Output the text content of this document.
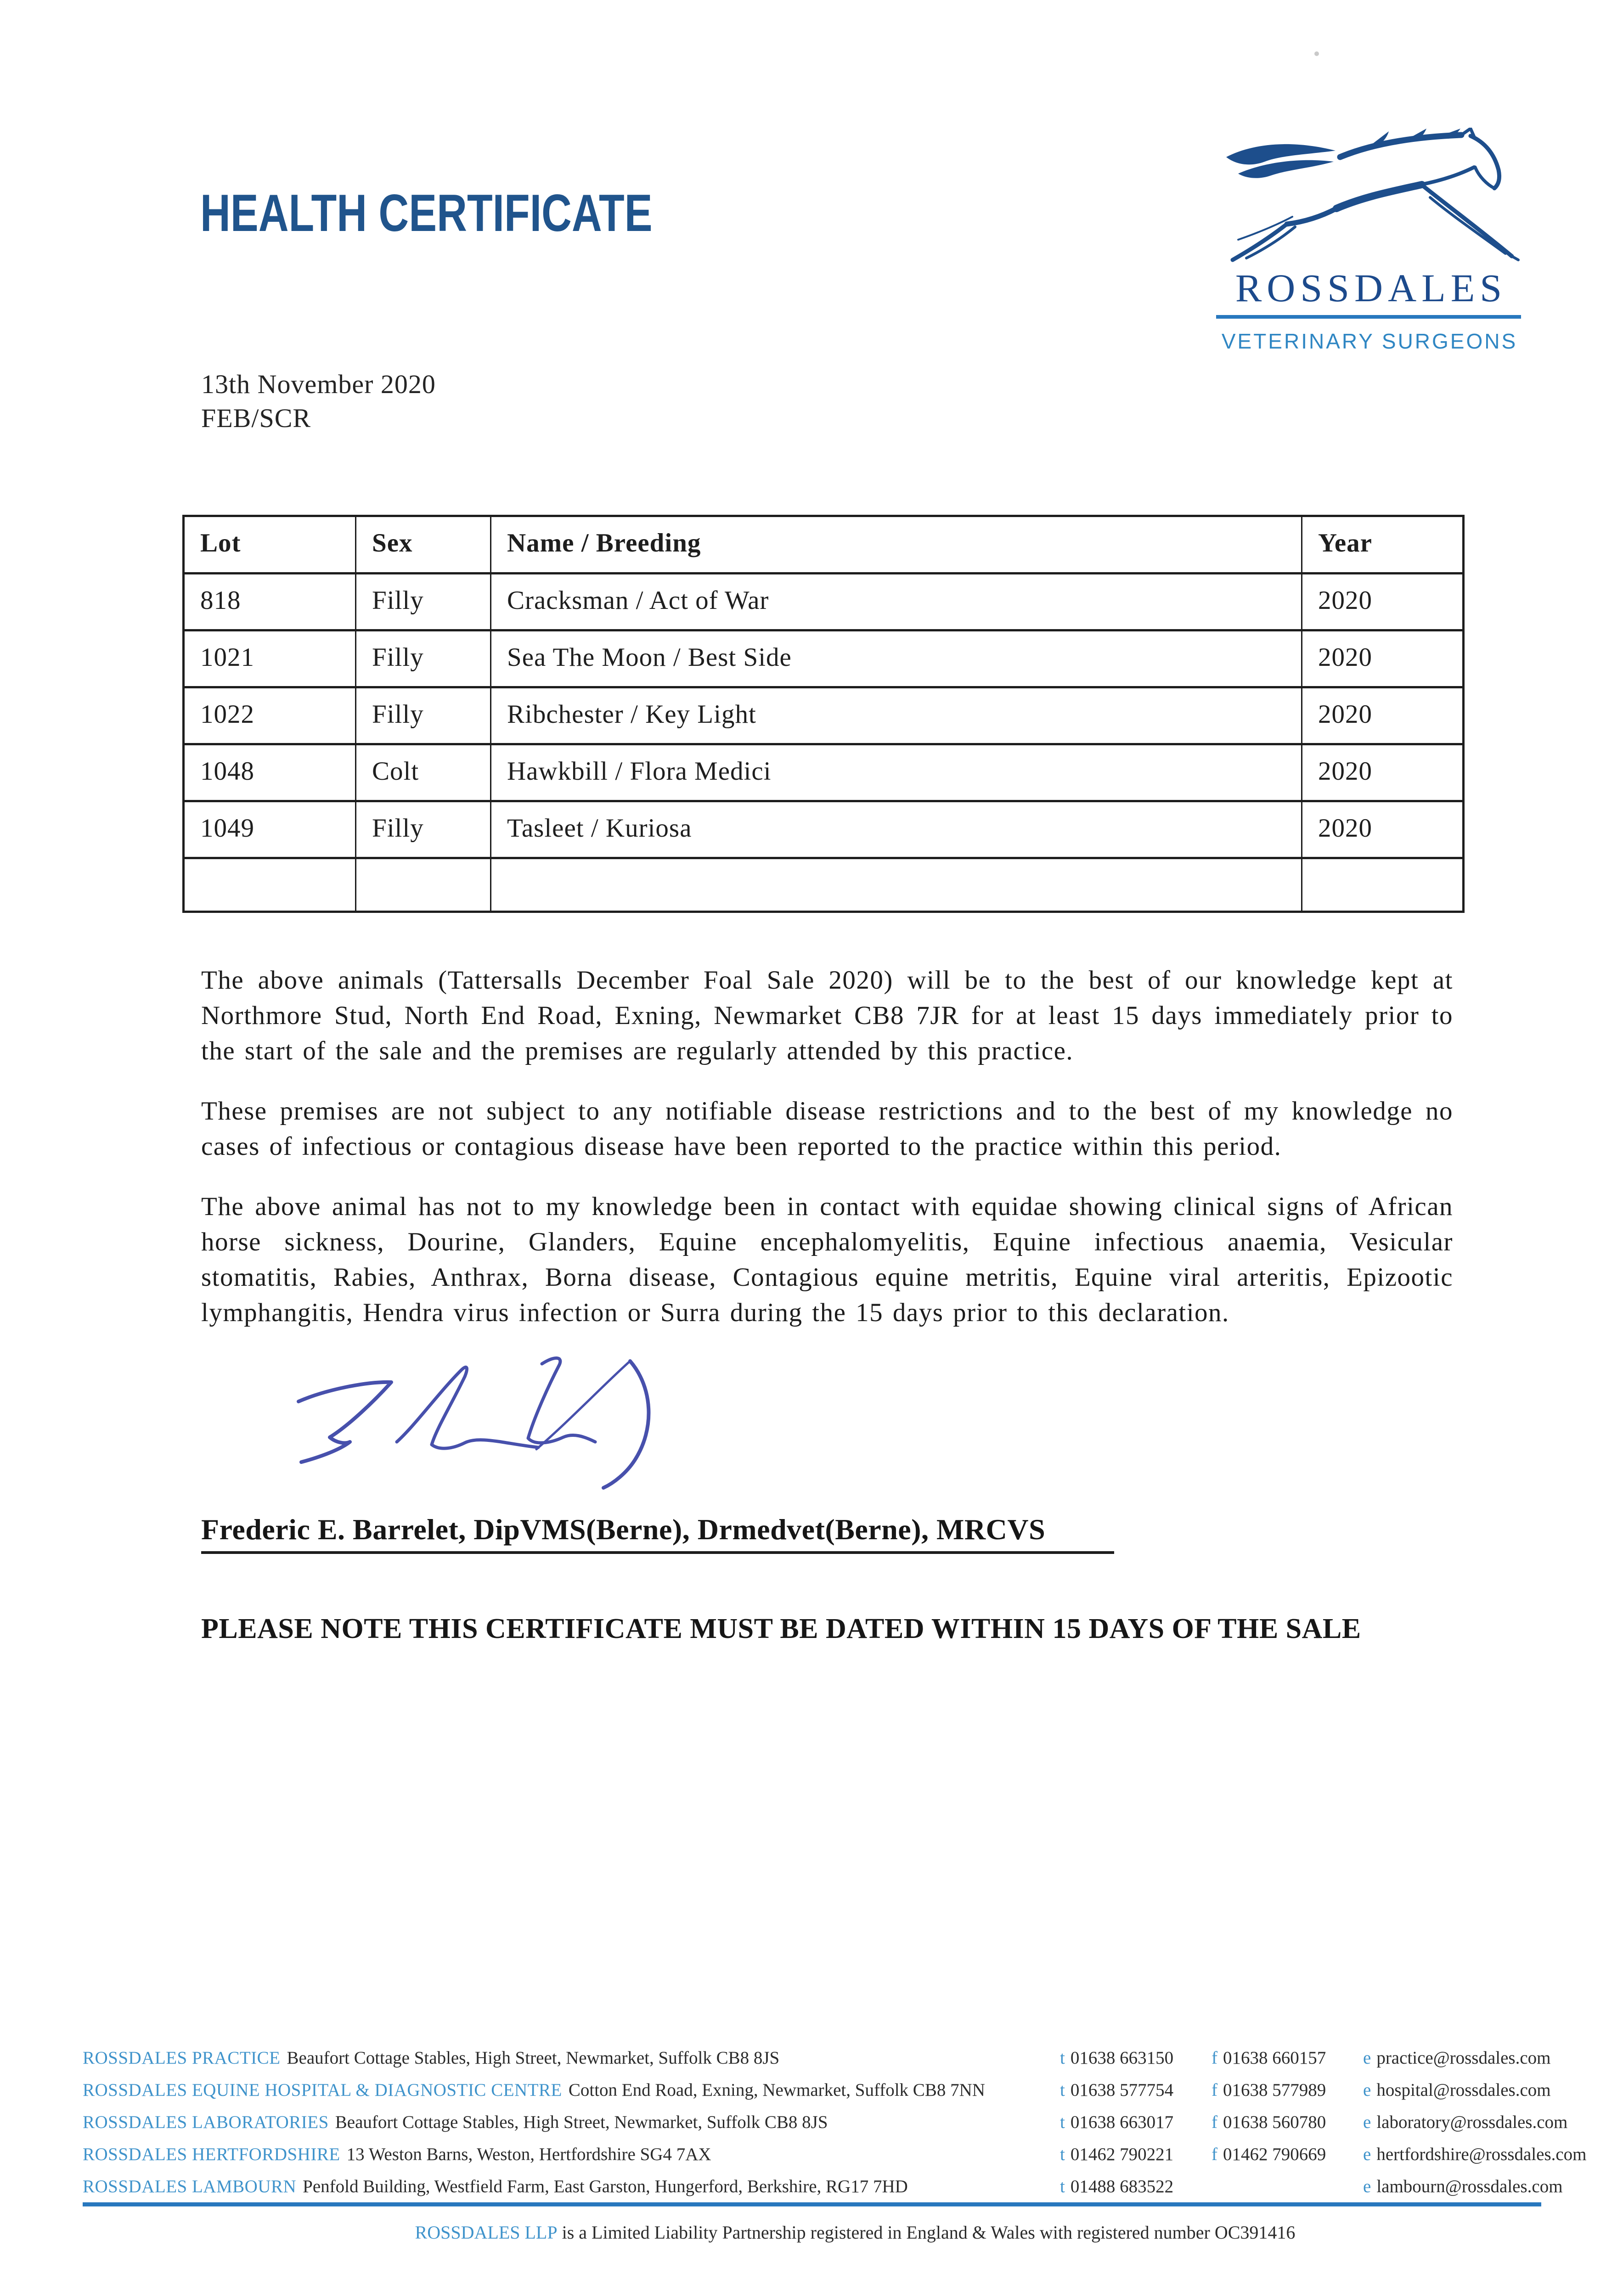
HEALTH CERTIFICATE
ROSSDALES
VETERINARY SURGEONS
13th November 2020
FEB/SCR
Lot	Sex	Name / Breeding	Year
818	Filly	Cracksman / Act of War	2020
1021	Filly	Sea The Moon / Best Side	2020
1022	Filly	Ribchester / Key Light	2020
1048	Colt	Hawkbill / Flora Medici	2020
1049	Filly	Tasleet / Kuriosa	2020

The above animals (Tattersalls December Foal Sale 2020) will be to the best of our knowledge kept at Northmore Stud, North End Road, Exning, Newmarket CB8 7JR for at least 15 days immediately prior to the start of the sale and the premises are regularly attended by this practice.

These premises are not subject to any notifiable disease restrictions and to the best of my knowledge no cases of infectious or contagious disease have been reported to the practice within this period.

The above animal has not to my knowledge been in contact with equidae showing clinical signs of African horse sickness, Dourine, Glanders, Equine encephalomyelitis, Equine infectious anaemia, Vesicular stomatitis, Rabies, Anthrax, Borna disease, Contagious equine metritis, Equine viral arteritis, Epizootic lymphangitis, Hendra virus infection or Surra during the 15 days prior to this declaration.

Frederic E. Barrelet, DipVMS(Berne), Drmedvet(Berne), MRCVS
PLEASE NOTE THIS CERTIFICATE MUST BE DATED WITHIN 15 DAYS OF THE SALE
ROSSDALES PRACTICE Beaufort Cottage Stables, High Street, Newmarket, Suffolk CB8 8JS	t 01638 663150	f 01638 660157	e practice@rossdales.com
ROSSDALES EQUINE HOSPITAL & DIAGNOSTIC CENTRE Cotton End Road, Exning, Newmarket, Suffolk CB8 7NN	t 01638 577754	f 01638 577989	e hospital@rossdales.com
ROSSDALES LABORATORIES Beaufort Cottage Stables, High Street, Newmarket, Suffolk CB8 8JS	t 01638 663017	f 01638 560780	e laboratory@rossdales.com
ROSSDALES HERTFORDSHIRE 13 Weston Barns, Weston, Hertfordshire SG4 7AX	t 01462 790221	f 01462 790669	e hertfordshire@rossdales.com
ROSSDALES LAMBOURN Penfold Building, Westfield Farm, East Garston, Hungerford, Berkshire, RG17 7HD	t 01488 683522	e lambourn@rossdales.com
ROSSDALES LLP is a Limited Liability Partnership registered in England & Wales with registered number OC391416
